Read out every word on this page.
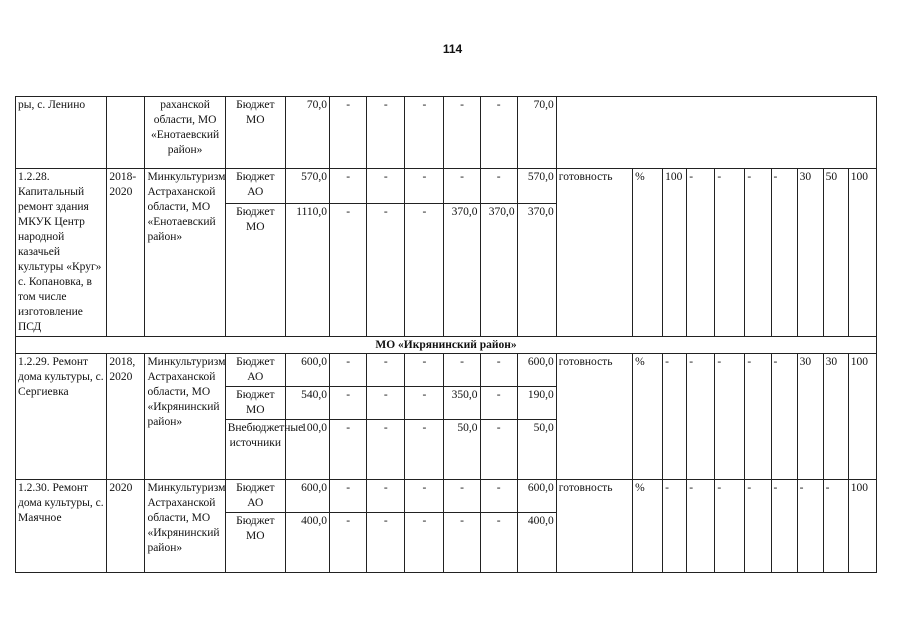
114
ры, с. Ленино		раханской области, МО «Енотаевский район»	Бюджет МО	70,0	-	-	-	-	-	70,0										
1.2.28. Капитальный ремонт здания МКУК Центр народной казачьей культуры «Круг» с. Копановка, в том числе изготовление ПСД	2018-2020	Минкультуризм Астраханской области, МО «Енотаевский район»	Бюджет АО	570,0	-	-	-	-	-	570,0	готовность	%	100	-	-	-	-	30	50	100
			Бюджет МО	1110,0	-	-	-	370,0	370,0	370,0										
МО «Икрянинский район»																				
1.2.29. Ремонт дома культуры, с. Сергиевка	2018, 2020	Минкультуризм Астраханской области, МО «Икрянинский район»	Бюджет АО	600,0	-	-	-	-	-	600,0	готовность	%	-	-	-	-	-	30	30	100
			Бюджет МО	540,0	-	-	-	350,0	-	190,0										
			Внебюджетные источники	100,0	-	-	-	50,0	-	50,0										
1.2.30. Ремонт дома культуры, с. Маячное	2020	Минкультуризм Астраханской области, МО «Икрянинский район»	Бюджет АО	600,0	-	-	-	-	-	600,0	готовность	%	-	-	-	-	-	-	-	100
			Бюджет МО	400,0	-	-	-	-	-	400,0										
